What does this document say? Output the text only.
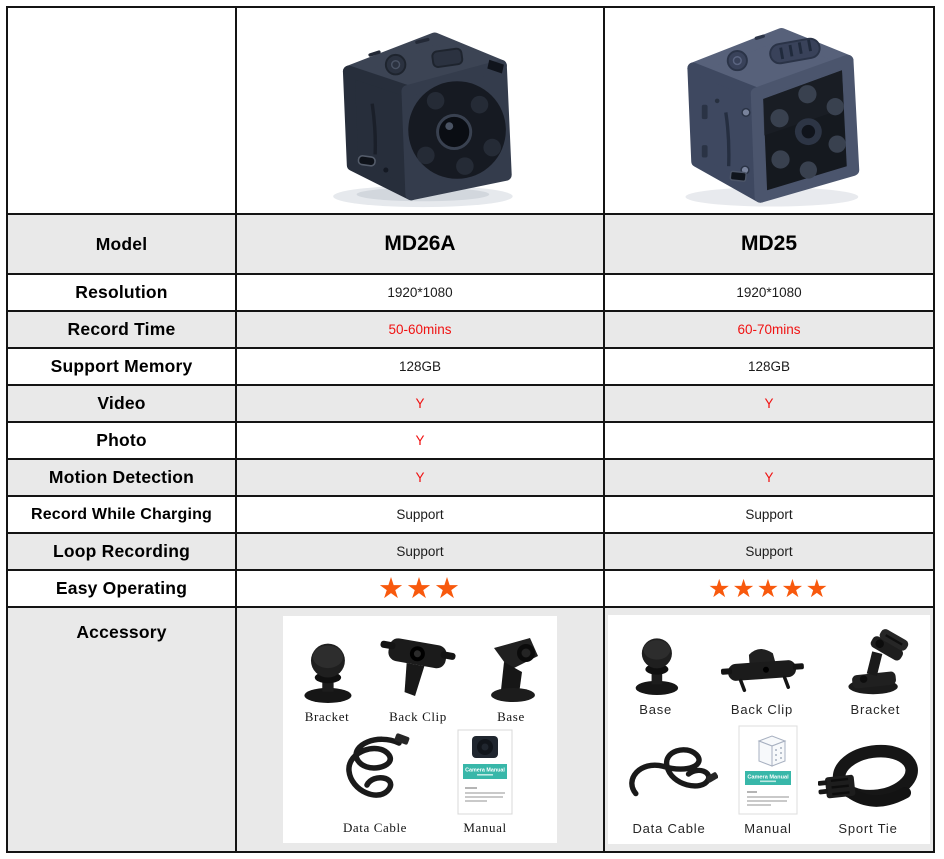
Model	MD26A	MD25
Resolution	1920*1080	1920*1080
Record Time	50-60mins	60-70mins
Support Memory	128GB	128GB
Video	Y	Y
Photo	Y
Motion Detection	Y	Y
Record While Charging	Support	Support
Loop Recording	Support	Support
Easy Operating	★★★	★★★★★
Accessory
Bracket	Back Clip	Base
Data Cable
Camera Manual
Manual
Base	Back Clip	Bracket
Data Cable
Camera Manual
Manual	Sport Tie
